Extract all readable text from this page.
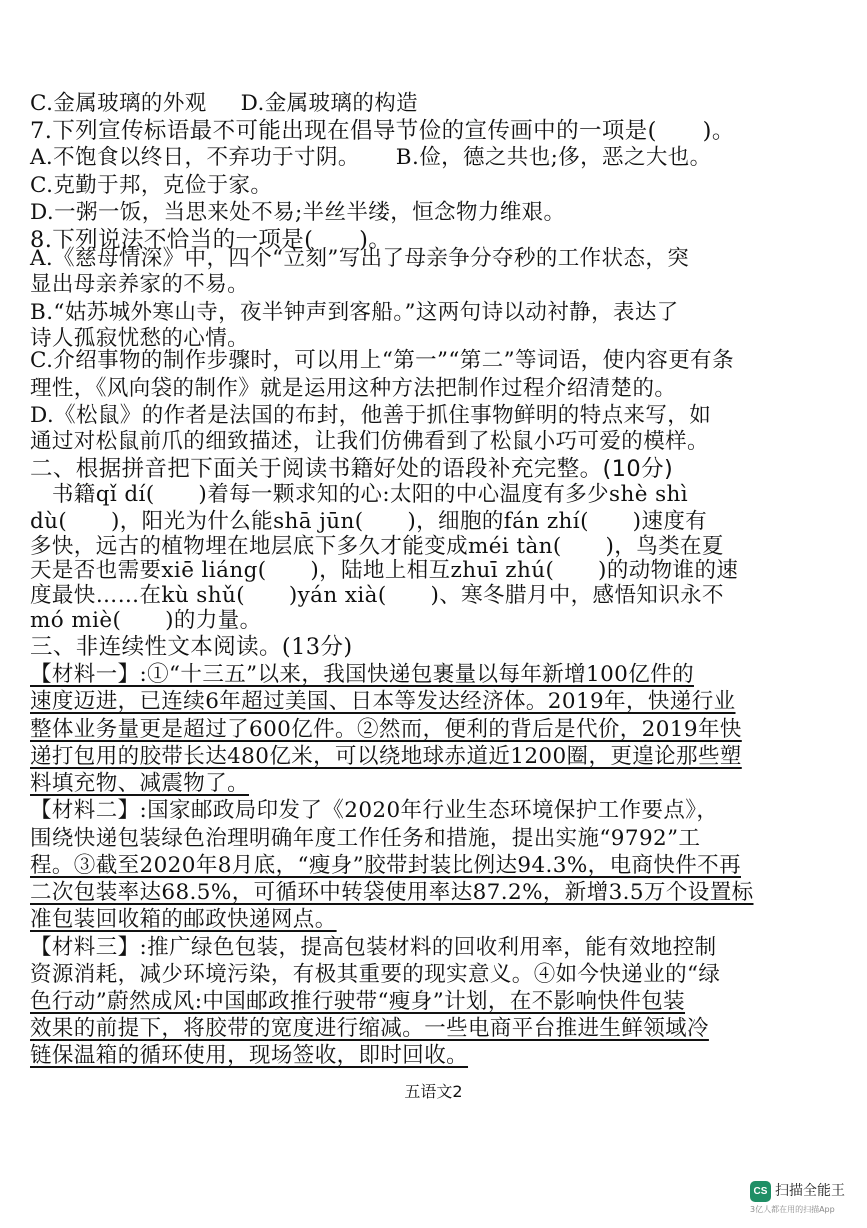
C.金属玻璃的外观 D.金属玻璃的构造
7.下列宣传标语最不可能出现在倡导节俭的宣传画中的一项是(　　)。
A.不饱食以终日，不弃功于寸阴。 B.俭，德之共也;侈，恶之大也。
C.克勤于邦，克俭于家。
D.一粥一饭，当思来处不易;半丝半缕，恒念物力维艰。
8.下列说法不恰当的一项是(　　)。
A.《慈母情深》中，四个“立刻”写出了母亲争分夺秒的工作状态，突
显出母亲养家的不易。
B.“姑苏城外寒山寺，夜半钟声到客船。”这两句诗以动衬静，表达了
诗人孤寂忧愁的心情。
C.介绍事物的制作步骤时，可以用上“第一”“第二”等词语，使内容更有条
理性，《风向袋的制作》就是运用这种方法把制作过程介绍清楚的。
D.《松鼠》的作者是法国的布封，他善于抓住事物鲜明的特点来写，如
通过对松鼠前爪的细致描述，让我们仿佛看到了松鼠小巧可爱的模样。
二、根据拼音把下面关于阅读书籍好处的语段补充完整。(10分)
　书籍qǐ dí(　　)着每一颗求知的心:太阳的中心温度有多少shè shì
dù(　　)，阳光为什么能shā jūn(　　)，细胞的fán zhí(　　)速度有
多快，远古的植物埋在地层底下多久才能变成méi tàn(　　)，鸟类在夏
天是否也需要xiē liáng(　　)，陆地上相互zhuī zhú(　　)的动物谁的速
度最快……在kù shǔ(　　)yán xià(　　)、寒冬腊月中，感悟知识永不
mó miè(　　)的力量。
三、非连续性文本阅读。(13分)
【材料一】:①“十三五”以来，我国快递包裹量以每年新增100亿件的
速度迈进，已连续6年超过美国、日本等发达经济体。2019年，快递行业
整体业务量更是超过了600亿件。②然而，便利的背后是代价，2019年快
递打包用的胶带长达480亿米，可以绕地球赤道近1200圈，更遑论那些塑
料填充物、减震物了。
【材料二】:国家邮政局印发了《2020年行业生态环境保护工作要点》，
围绕快递包装绿色治理明确年度工作任务和措施，提出实施“9792”工
程。③截至2020年8月底，“瘦身”胶带封装比例达94.3%，电商快件不再
二次包装率达68.5%，可循环中转袋使用率达87.2%，新增3.5万个设置标
准包装回收箱的邮政快递网点。
【材料三】:推广绿色包装，提高包装材料的回收利用率，能有效地控制
资源消耗，减少环境污染，有极其重要的现实意义。④如今快递业的“绿
色行动”蔚然成风:中国邮政推行驶带“瘦身”计划，在不影响快件包装
效果的前提下，将胶带的宽度进行缩减。一些电商平台推进生鲜领域冷
链保温箱的循环使用，现场签收，即时回收。
五语文2
CS 扫描全能王
3亿人都在用的扫描App
